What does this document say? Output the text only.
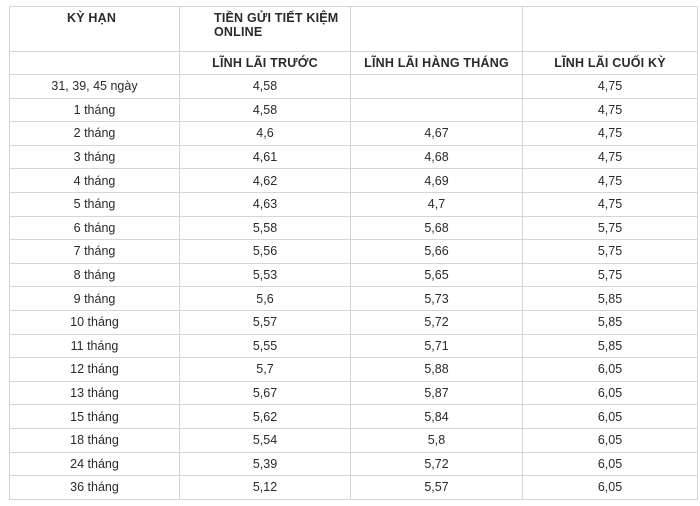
KỲ HẠN	TIỀN GỬI TIẾT KIỆM
ONLINE		
	LĨNH LÃI TRƯỚC	LĨNH LÃI HÀNG THÁNG	LĨNH LÃI CUỐI KỲ
31, 39, 45 ngày	4,58		4,75
1 tháng	4,58		4,75
2 tháng	4,6	4,67	4,75
3 tháng	4,61	4,68	4,75
4 tháng	4,62	4,69	4,75
5 tháng	4,63	4,7	4,75
6 tháng	5,58	5,68	5,75
7 tháng	5,56	5,66	5,75
8 tháng	5,53	5,65	5,75
9 tháng	5,6	5,73	5,85
10 tháng	5,57	5,72	5,85
11 tháng	5,55	5,71	5,85
12 tháng	5,7	5,88	6,05
13 tháng	5,67	5,87	6,05
15 tháng	5,62	5,84	6,05
18 tháng	5,54	5,8	6,05
24 tháng	5,39	5,72	6,05
36 tháng	5,12	5,57	6,05
